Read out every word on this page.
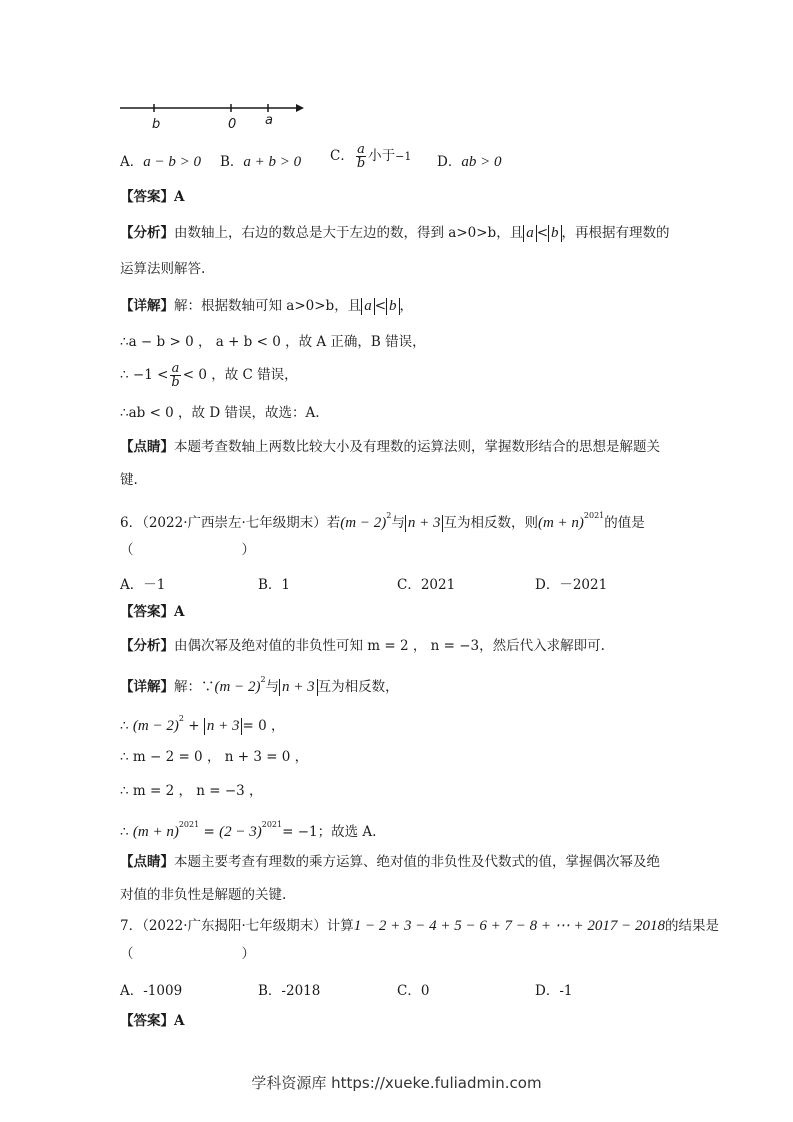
b	0 a
A．a − b > 0 B．a + b > 0 C． $\frac{a}{b}$ 小于−1 D．ab > 0
【答案】A
【分析】由数轴上，右边的数总是大于左边的数，得到 a>0>b，且 a < b ，再根据有理数的
运算法则解答.
【详解】解：根据数轴可知 a>0>b，且 a < b ，
∴a − b > 0 ， a + b < 0 ，故 A 正确，B 错误，
∴ $-1 < \frac{a}{b} < 0$ ，故 C 错误，
∴ab < 0 ，故 D 错误，故选：A.
【点睛】本题考查数轴上两数比较大小及有理数的运算法则，掌握数形结合的思想是解题关
键.
6．（2022·广西崇左·七年级期末）若$(m - 2)^2$与 n + 3 互为相反数，则$(m + n)^{2021}$的值是
（　　　　　　　　）
A．－1	B．1	C．2021	D．－2021
【答案】A
【分析】由偶次幂及绝对值的非负性可知 m = 2 ， n = −3，然后代入求解即可.
【详解】解：∵(m − 2)$^2$与 n + 3 互为相反数，
∴ $(m - 2)^2 + n + 3 = 0$ ，
∴ m − 2 = 0 ， n + 3 = 0 ，
∴ m = 2 ， n = −3 ，
∴ $(m + n)^{2021} = (2 - 3)^{2021}= -1$；故选 A.
【点睛】本题主要考查有理数的乘方运算、绝对值的非负性及代数式的值，掌握偶次幂及绝
对值的非负性是解题的关键.
7．（2022·广东揭阳·七年级期末）计算1 − 2 + 3 − 4 + 5 − 6 + 7 − 8 + ⋯ + 2017 − 2018的结果是
（　　　　　　　　）
A．-1009	B．-2018	C．0	D．-1
【答案】A
学科资源库 https://xueke.fuliadmin.com
